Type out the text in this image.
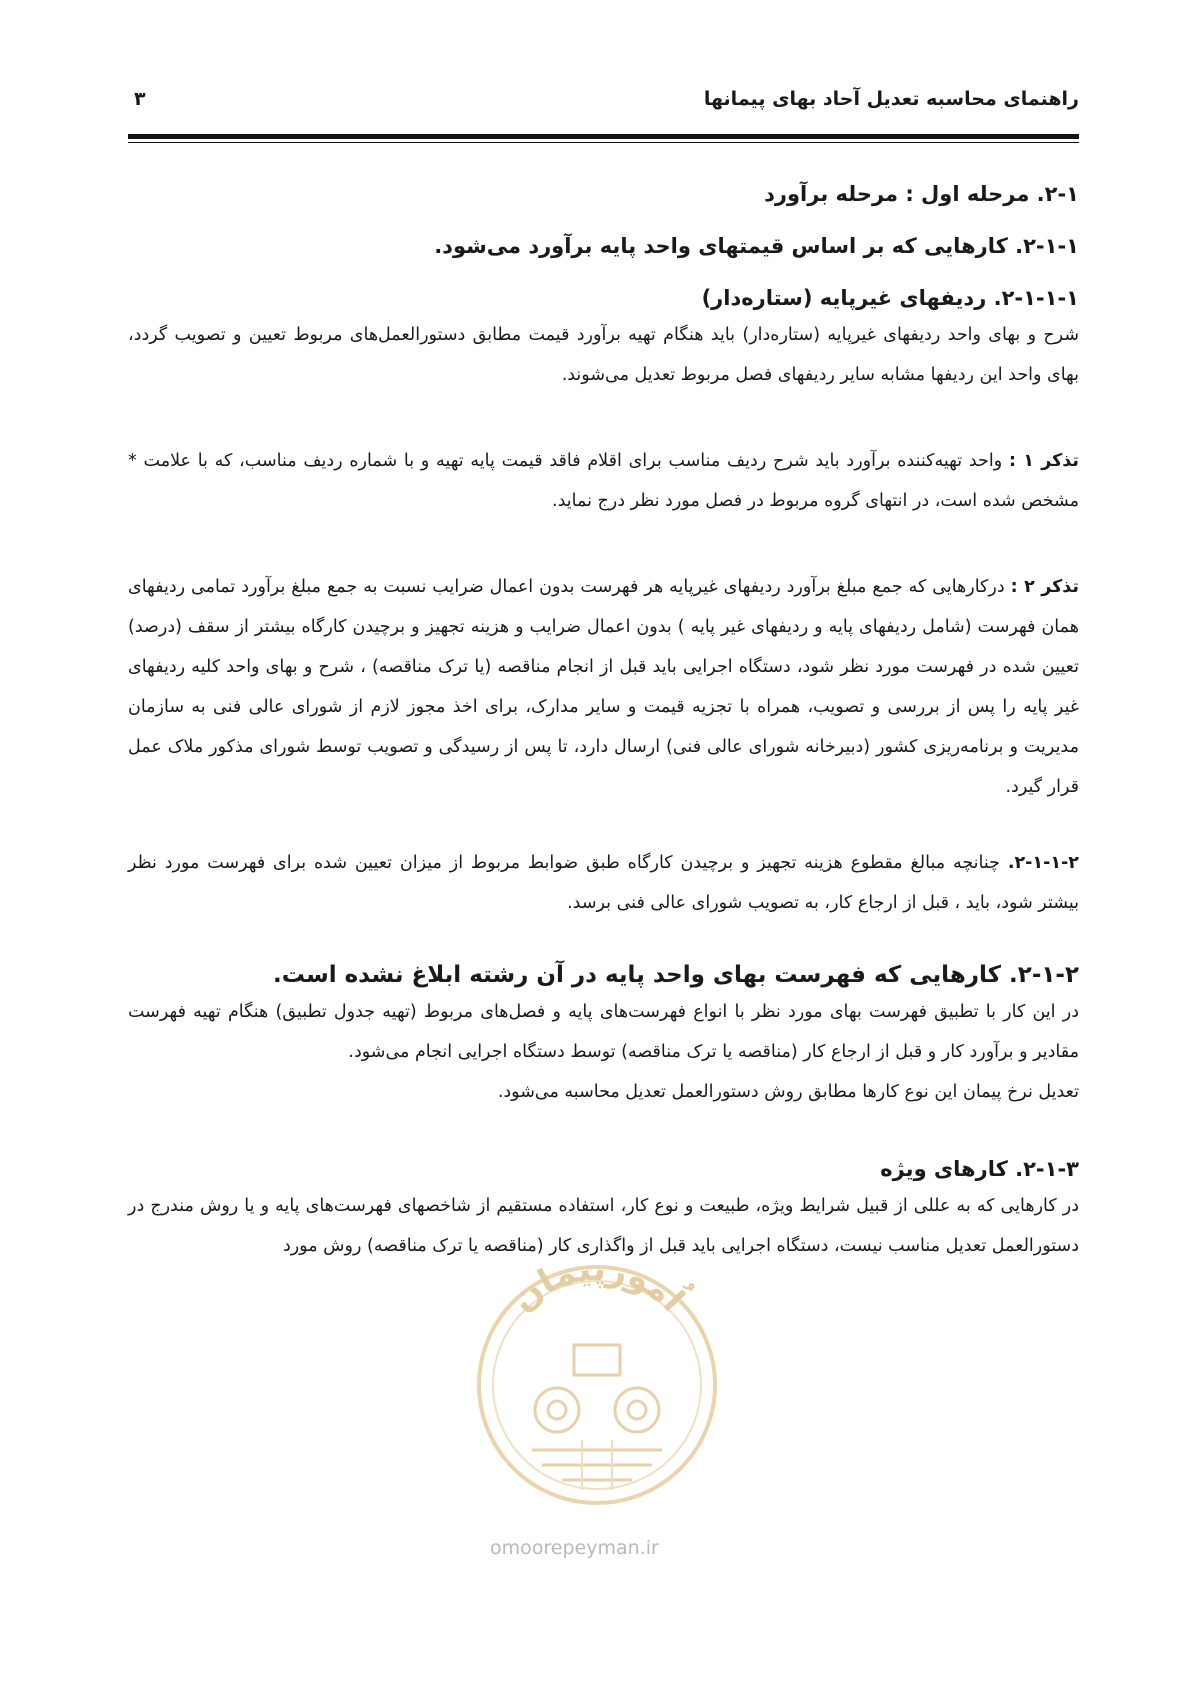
راهنمای محاسبه تعدیل آحاد بهای پیمانها
۳

۲-۱. مرحله اول : مرحله برآورد

۲-۱-۱. کارهایی که بر اساس قیمتهای واحد پایه برآورد می‌شود.

۲-۱-۱-۱. ردیفهای غیرپایه (ستاره‌دار)

شرح و بهای واحد ردیفهای غیرپایه (ستاره‌دار) باید هنگام تهیه برآورد قیمت مطابق دستورالعمل‌های مربوط تعیین و تصویب گردد، بهای واحد این ردیفها مشابه سایر ردیفهای فصل مربوط تعدیل می‌شوند.

تذکر ۱ : واحد تهیه‌کننده برآورد باید شرح ردیف مناسب برای اقلام فاقد قیمت پایه تهیه و با شماره ردیف مناسب، که با علامت * مشخص شده است، در انتهای گروه مربوط در فصل مورد نظر درج نماید.

تذکر ۲ : درکارهایی که جمع مبلغ برآورد ردیفهای غیرپایه هر فهرست بدون اعمال ضرایب نسبت به جمع مبلغ برآورد تمامی ردیفهای همان فهرست (شامل ردیفهای پایه و ردیفهای غیر پایه ) بدون اعمال ضرایب و هزینه تجهیز و برچیدن کارگاه بیشتر از سقف (درصد) تعیین شده در فهرست مورد نظر شود، دستگاه اجرایی باید قبل از انجام مناقصه (یا ترک مناقصه) ، شرح و بهای واحد کلیه ردیفهای غیر پایه را پس از بررسی و تصویب، همراه با تجزیه قیمت و سایر مدارک، برای اخذ مجوز لازم از شورای عالی فنی به سازمان مدیریت و برنامه‌ریزی کشور (دبیرخانه شورای عالی فنی) ارسال دارد، تا پس از رسیدگی و تصویب توسط شورای مذکور ملاک عمل قرار گیرد.

۲-۱-۱-۲. چنانچه مبالغ مقطوع هزینه تجهیز و برچیدن کارگاه طبق ضوابط مربوط از میزان تعیین شده برای فهرست مورد نظر بیشتر شود، باید ، قبل از ارجاع کار، به تصویب شورای عالی فنی برسد.

۲-۱-۲. کارهایی که فهرست بهای واحد پایه در آن رشته ابلاغ نشده است.

در این کار با تطبیق فهرست بهای مورد نظر با انواع فهرست‌های پایه و فصل‌های مربوط (تهیه جدول تطبیق) هنگام تهیه فهرست مقادیر و برآورد کار و قبل از ارجاع کار (مناقصه یا ترک مناقصه) توسط دستگاه اجرایی انجام می‌شود.

تعدیل نرخ پیمان این نوع کارها مطابق روش دستورالعمل تعدیل محاسبه می‌شود.

۲-۱-۳. کارهای ویژه

در کارهایی که به عللی از قبیل شرایط ویژه، طبیعت و نوع کار، استفاده مستقیم از شاخصهای فهرست‌های پایه و یا روش مندرج در دستورالعمل تعدیل مناسب نیست، دستگاه اجرایی باید قبل از واگذاری کار (مناقصه یا ترک مناقصه) روش مورد

اُمورپیمان
omoorepeyman.ir
